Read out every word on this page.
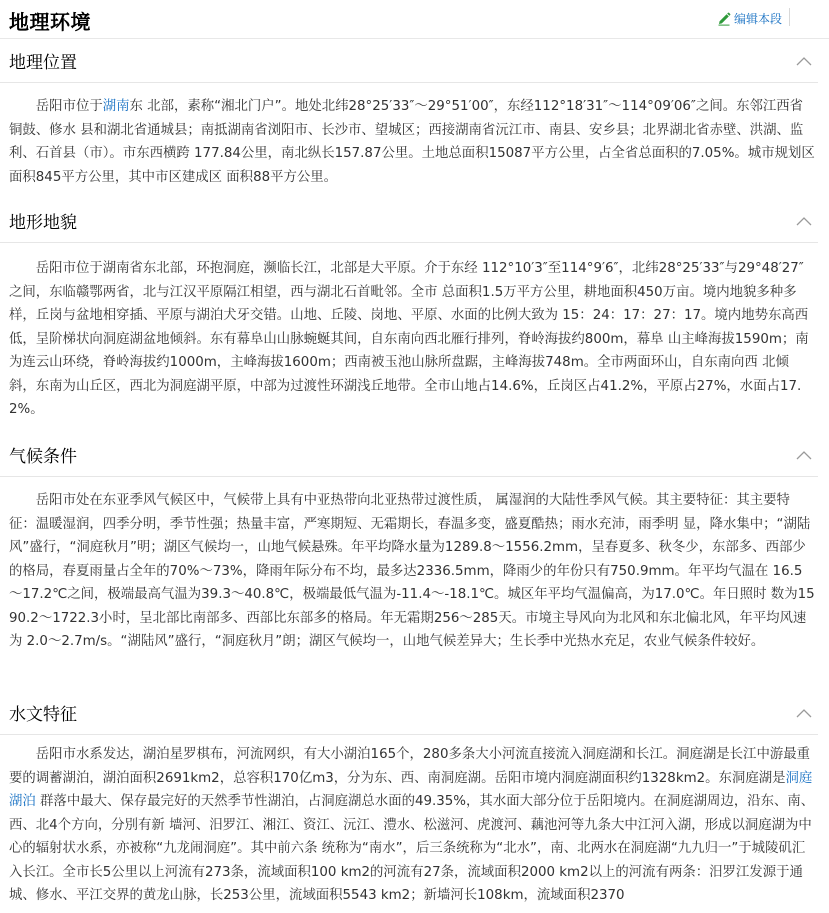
地理环境	编辑本段
地理位置

岳阳市位于湖南东 北部，素称“湘北门户”。地处北纬28°25′33″～29°51′00″，东经112°18′31″～114°09′06″之间。东邻江西省铜鼓、修水 县和湖北省通城县；南抵湖南省浏阳市、长沙市、望城区；西接湖南省沅江市、南县、安乡县；北界湖北省赤壁、洪湖、监利、石首县（市）。市东西横跨 177.84公里，南北纵长157.87公里。土地总面积15087平方公里，占全省总面积的7.05%。城市规划区面积845平方公里，其中市区建成区 面积88平方公里。

地形地貌

岳阳市位于湖南省东北部，环抱洞庭，濒临长江，北部是大平原。介于东经 112°10′3″至114°9′6″，北纬28°25′33″与29°48′27″之间，东临赣鄂两省，北与江汉平原隔江相望，西与湖北石首毗邻。全市 总面积1.5万平方公里，耕地面积450万亩。境内地貌多种多样，丘岗与盆地相穿插、平原与湖泊犬牙交错。山地、丘陵、岗地、平原、水面的比例大致为 15：24：17：27：17。境内地势东高西低，呈阶梯状向洞庭湖盆地倾斜。东有幕阜山山脉蜿蜒其间，自东南向西北雁行排列，脊岭海拔约800m，幕阜 山主峰海拔1590m；南为连云山环绕，脊岭海拔约1000m，主峰海拔1600m；西南被玉池山脉所盘踞，主峰海拔748m。全市两面环山，自东南向西 北倾斜，东南为山丘区，西北为洞庭湖平原，中部为过渡性环湖浅丘地带。全市山地占14.6%，丘岗区占41.2%，平原占27%，水面占17.2%。

气候条件

岳阳市处在东亚季风气候区中，气候带上具有中亚热带向北亚热带过渡性质， 属湿润的大陆性季风气候。其主要特征：其主要特征：温暖湿润，四季分明，季节性强；热量丰富，严寒期短、无霜期长，春温多变，盛夏酷热；雨水充沛，雨季明 显，降水集中；“湖陆风”盛行，“洞庭秋月”明；湖区气候均一，山地气候悬殊。年平均降水量为1289.8～1556.2mm，呈春夏多、秋冬少，东部多、西部少的格局，春夏雨量占全年的70%～73%，降雨年际分布不均，最多达2336.5mm，降雨少的年份只有750.9mm。年平均气温在 16.5～17.2℃之间，极端最高气温为39.3～40.8℃，极端最低气温为-11.4～-18.1℃。城区年平均气温偏高，为17.0℃。年日照时 数为1590.2～1722.3小时，呈北部比南部多、西部比东部多的格局。年无霜期256～285天。市境主导风向为北风和东北偏北风，年平均风速为 2.0～2.7m/s。“湖陆风”盛行，“洞庭秋月”朗；湖区气候均一，山地气候差异大；生长季中光热水充足，农业气候条件较好。

水文特征

岳阳市水系发达，湖泊星罗棋布，河流网织，有大小湖泊165个，280多条大小河流直接流入洞庭湖和长江。洞庭湖是长江中游最重要的调蓄湖泊，湖泊面积2691km2，总容积170亿m3，分为东、西、南洞庭湖。岳阳市境内洞庭湖面积约1328km2。东洞庭湖是洞庭湖泊 群落中最大、保存最完好的天然季节性湖泊，占洞庭湖总水面的49.35%，其水面大部分位于岳阳境内。在洞庭湖周边，沿东、南、西、北4个方向，分別有新 墙河、汨罗江、湘江、资江、沅江、澧水、松滋河、虎渡河、藕池河等九条大中江河入湖，形成以洞庭湖为中心的辐射状水系，亦被称“九龙闹洞庭”。其中前六条 统称为“南水”，后三条统称为“北水”，南、北两水在洞庭湖“九九归一”于城陵矶汇入长江。全市长5公里以上河流有273条，流域面积100 km2的河流有27条，流域面积2000 km2以上的河流有两条：汨罗江发源于通城、修水、平江交界的黄龙山脉，长253公里，流域面积5543 km2；新墙河长108km，流域面积2370
